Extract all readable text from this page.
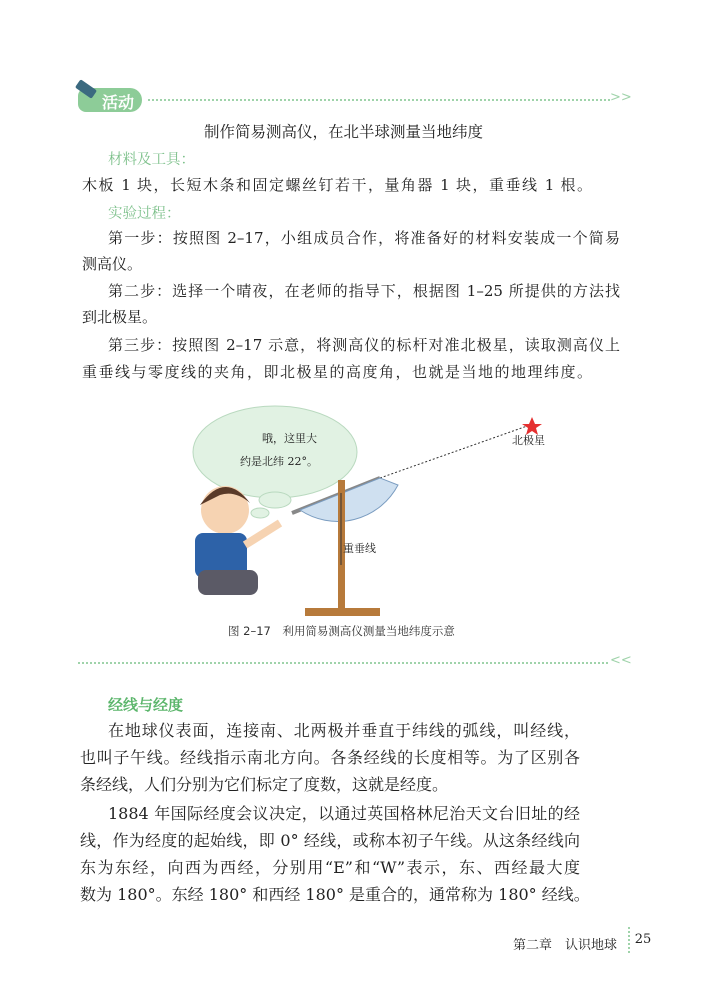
活动	>>
制作简易测高仪，在北半球测量当地纬度
材料及工具：
木板 1 块，长短木条和固定螺丝钉若干，量角器 1 块，重垂线 1 根。
实验过程：
第一步：按照图 2–17，小组成员合作，将准备好的材料安装成一个简易
测高仪。
第二步：选择一个晴夜，在老师的指导下，根据图 1–25 所提供的方法找
到北极星。
第三步：按照图 2–17 示意，将测高仪的标杆对准北极星，读取测高仪上
重垂线与零度线的夹角，即北极星的高度角，也就是当地的地理纬度。
哦，这里大
约是北纬 22°。
北极星
重垂线
图 2–17　利用简易测高仪测量当地纬度示意
<<
经线与经度
在地球仪表面，连接南、北两极并垂直于纬线的弧线，叫经线，
也叫子午线。经线指示南北方向。各条经线的长度相等。为了区别各
条经线，人们分别为它们标定了度数，这就是经度。
1884 年国际经度会议决定，以通过英国格林尼治天文台旧址的经
线，作为经度的起始线，即 0° 经线，或称本初子午线。从这条经线向
东为东经，向西为西经，分别用“E”和“W”表示，东、西经最大度
数为 180°。东经 180° 和西经 180° 是重合的，通常称为 180° 经线。
第二章　认识地球	25
